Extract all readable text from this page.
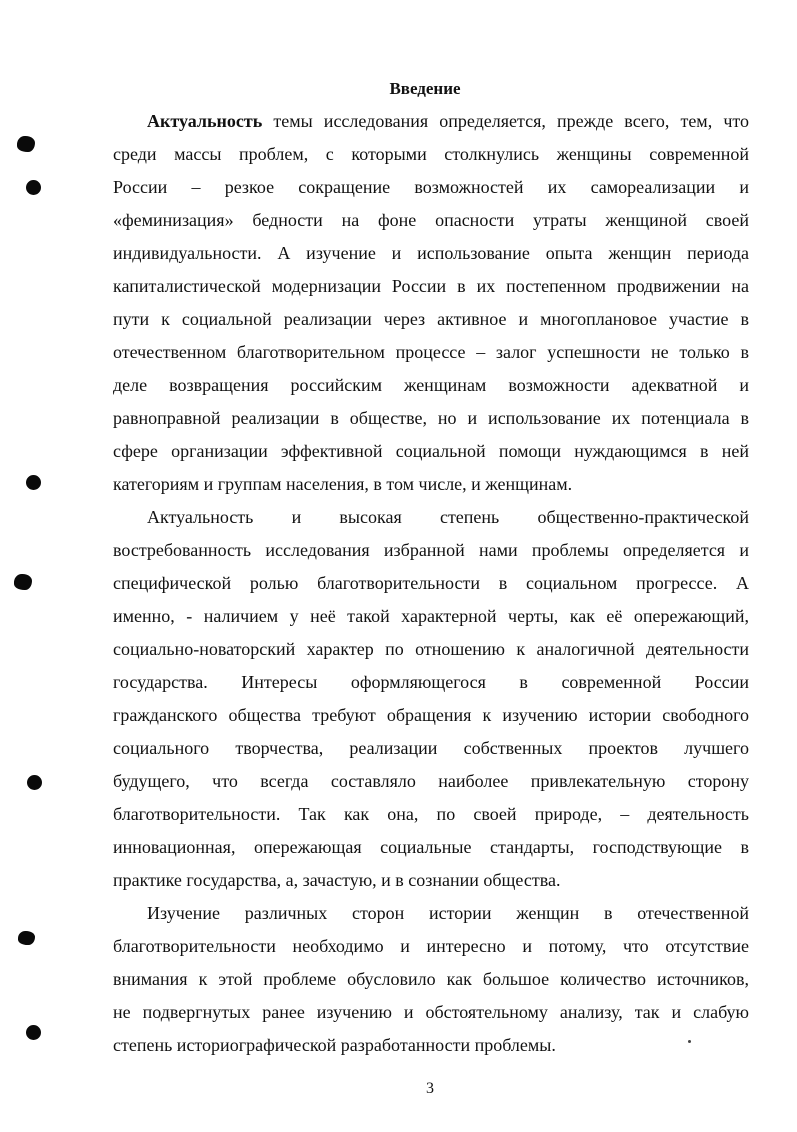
Введение
Актуальность темы исследования определяется, прежде всего, тем, что
среди массы проблем, с которыми столкнулись женщины современной
России – резкое сокращение возможностей их самореализации и
«феминизация» бедности на фоне опасности утраты женщиной своей
индивидуальности. А изучение и использование опыта женщин периода
капиталистической модернизации России в их постепенном продвижении на
пути к социальной реализации через активное и многоплановое участие в
отечественном благотворительном процессе – залог успешности не только в
деле возвращения российским женщинам возможности адекватной и
равноправной реализации в обществе, но и использование их потенциала в
сфере организации эффективной социальной помощи нуждающимся в ней
категориям и группам населения, в том числе, и женщинам.
Актуальность и высокая степень общественно-практической
востребованность исследования избранной нами проблемы определяется и
специфической ролью благотворительности в социальном прогрессе. А
именно, - наличием у неё такой характерной черты, как её опережающий,
социально-новаторский характер по отношению к аналогичной деятельности
государства. Интересы оформляющегося в современной России
гражданского общества требуют обращения к изучению истории свободного
социального творчества, реализации собственных проектов лучшего
будущего, что всегда составляло наиболее привлекательную сторону
благотворительности. Так как она, по своей природе, – деятельность
инновационная, опережающая социальные стандарты, господствующие в
практике государства, а, зачастую, и в сознании общества.
Изучение различных сторон истории женщин в отечественной
благотворительности необходимо и интересно и потому, что отсутствие
внимания к этой проблеме обусловило как большое количество источников,
не подвергнутых ранее изучению и обстоятельному анализу, так и слабую
степень историографической разработанности проблемы.
3
